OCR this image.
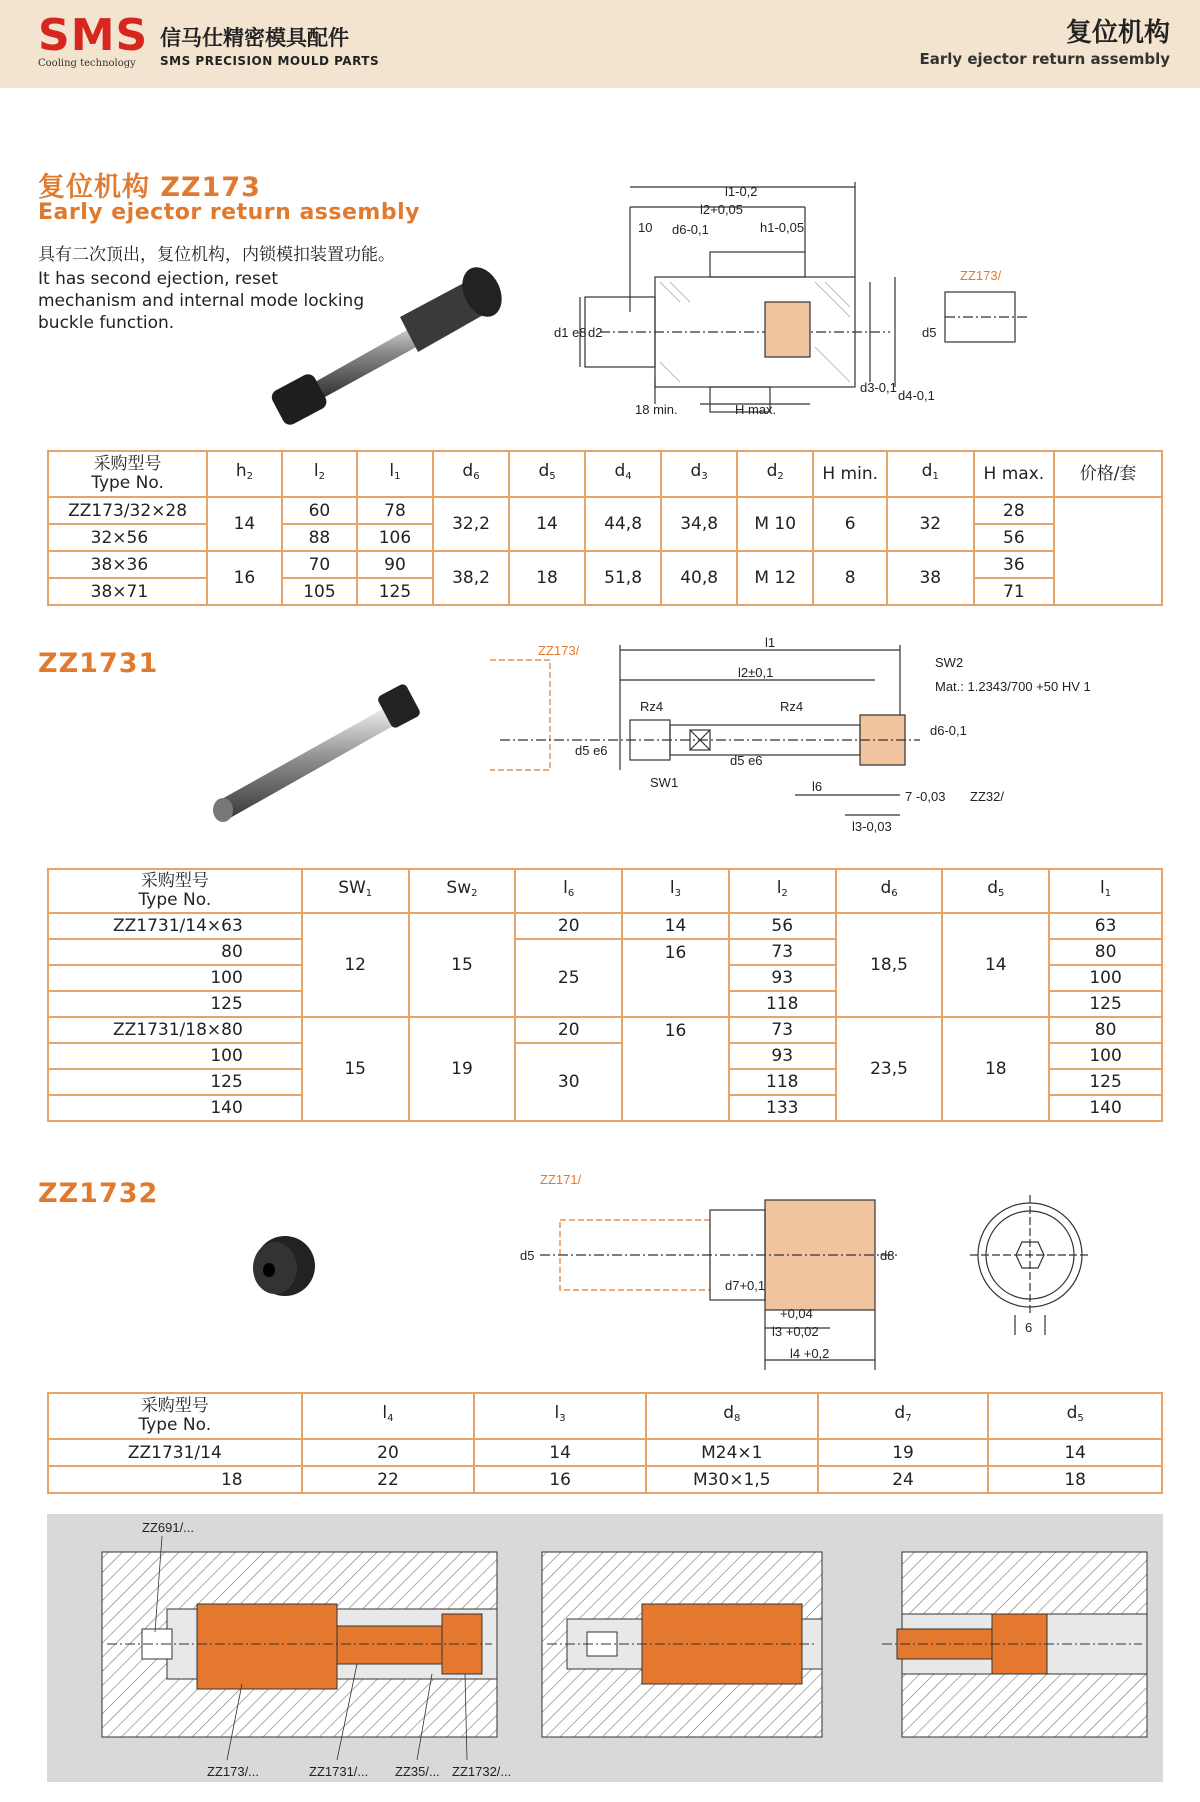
SMS
Cooling technology
信马仕精密模具配件
SMS PRECISION MOULD PARTS
复位机构
Early ejector return assembly
复位机构 ZZ173
Early ejector return assembly
具有二次顶出，复位机构，内锁模扣装置功能。
It has second ejection, reset mechanism and internal mode locking buckle function.
l1-0,2
l2+0,05
10 d6-0,1	h1-0,05
d1 e8 d2
d3-0,1
d4-0,1
d5
18 min.	H max.
ZZ173/
采购型号
Type No.	$h_2$	$l_2$	$l_1$	$d_6$	$d_5$	$d_4$	$d_3$	$d_2$	H min.	$d_1$	H max.	价格/套
ZZ173/32×28	14	60	78	32,2	14	44,8	34,8	M 10	6	32	28	
32×56		88	106								56	
38×36	16	70	90	38,2	18	51,8	40,8	M 12	8	38	36	
38×71		105	125								71	
ZZ1731	ZZ173/
l1
l2±0,1
SW2
Mat.: 1.2343/700 +50 HV 1
Rz4	Rz4
d5 e6
d5 e6
d6-0,1
SW1	l6
7 -0,03 ZZ32/
l3-0,03
采购型号
Type No.	$SW_1$	$Sw_2$	$l_6$	$l_3$	$l_2$	$d_6$	$d_5$	$l_1$
ZZ1731/14×63	12	15	20	14	56	18,5	14	63
80			25	16	73			80
100					93			100
125					118			125
ZZ1731/18×80	15	19	20	16	73	23,5	18	80
100			30		93			100
125					118			125
140					133			140
ZZ1732	ZZ171/
d5
d7+0,1
d8
+0,04
l3 +0,02
l4 +0,2
6
采购型号
Type No.	$l_4$	$l_3$	$d_8$	$d_7$	$d_5$
ZZ1731/14	20	14	M24×1	19	14
18	22	16	M30×1,5	24	18
ZZ691/...
ZZ173/...	ZZ1731/... ZZ35/... ZZ1732/...
